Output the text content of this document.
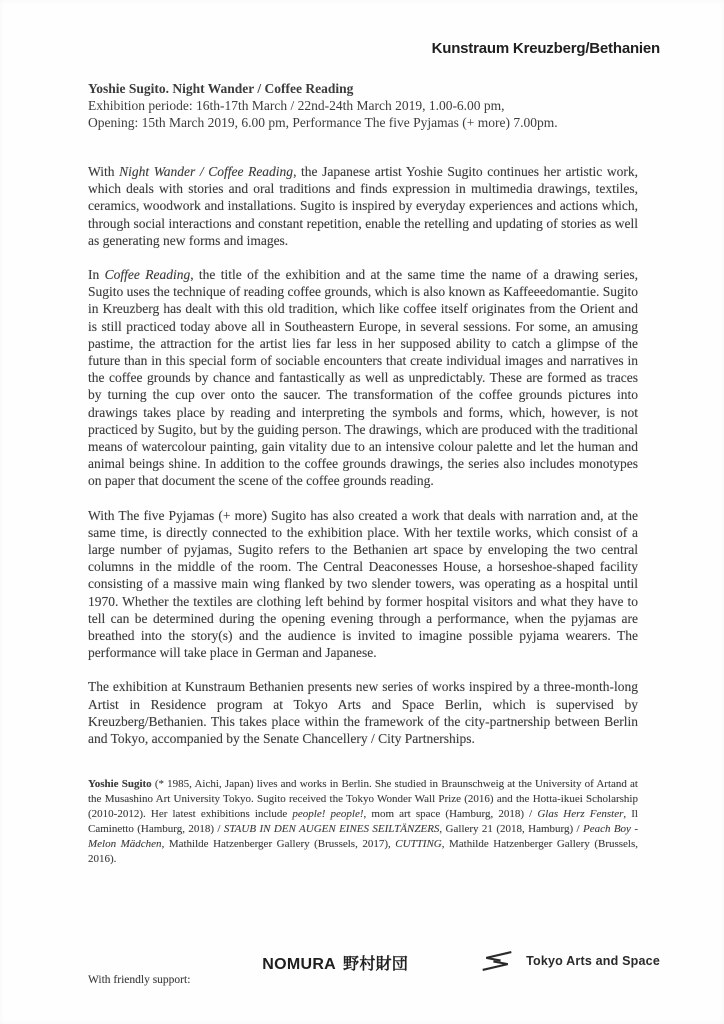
Kunstraum Kreuzberg/Bethanien
Yoshie Sugito. Night Wander / Coffee Reading
Exhibition periode: 16th-17th March / 22nd-24th March 2019, 1.00-6.00 pm,
Opening: 15th March 2019, 6.00 pm, Performance The five Pyjamas (+ more) 7.00pm.

With Night Wander / Coffee Reading, the Japanese artist Yoshie Sugito continues her artistic work, which deals with stories and oral traditions and finds expression in multimedia drawings, textiles, ceramics, woodwork and installations. Sugito is inspired by everyday experiences and actions which, through social interactions and constant repetition, enable the retelling and updating of stories as well as generating new forms and images.

In Coffee Reading, the title of the exhibition and at the same time the name of a drawing series, Sugito uses the technique of reading coffee grounds, which is also known as Kaffeeedomantie. Sugito in Kreuzberg has dealt with this old tradition, which like coffee itself originates from the Orient and is still practiced today above all in Southeastern Europe, in several sessions. For some, an amusing pastime, the attraction for the artist lies far less in her supposed ability to catch a glimpse of the future than in this special form of sociable encounters that create individual images and narratives in the coffee grounds by chance and fantastically as well as unpredictably. These are formed as traces by turning the cup over onto the saucer. The transformation of the coffee grounds pictures into drawings takes place by reading and interpreting the symbols and forms, which, however, is not practiced by Sugito, but by the guiding person. The drawings, which are produced with the traditional means of watercolour painting, gain vitality due to an intensive colour palette and let the human and animal beings shine. In addition to the coffee grounds drawings, the series also includes monotypes on paper that document the scene of the coffee grounds reading.

With The five Pyjamas (+ more) Sugito has also created a work that deals with narration and, at the same time, is directly connected to the exhibition place. With her textile works, which consist of a large number of pyjamas, Sugito refers to the Bethanien art space by enveloping the two central columns in the middle of the room. The Central Deaconesses House, a horseshoe-shaped facility consisting of a massive main wing flanked by two slender towers, was operating as a hospital until 1970. Whether the textiles are clothing left behind by former hospital visitors and what they have to tell can be determined during the opening evening through a performance, when the pyjamas are breathed into the story(s) and the audience is invited to imagine possible pyjama wearers. The performance will take place in German and Japanese.

The exhibition at Kunstraum Bethanien presents new series of works inspired by a three-month-long Artist in Residence program at Tokyo Arts and Space Berlin, which is supervised by Kreuzberg/Bethanien. This takes place within the framework of the city-partnership between Berlin and Tokyo, accompanied by the Senate Chancellery / City Partnerships.

Yoshie Sugito (* 1985, Aichi, Japan) lives and works in Berlin. She studied in Braunschweig at the University of Artand at the Musashino Art University Tokyo. Sugito received the Tokyo Wonder Wall Prize (2016) and the Hotta-ikuei Scholarship (2010-2012). Her latest exhibitions include people! people!, mom art space (Hamburg, 2018) / Glas Herz Fenster, Il Caminetto (Hamburg, 2018) / STAUB IN DEN AUGEN EINES SEILTÄNZERS, Gallery 21 (2018, Hamburg) / Peach Boy - Melon Mädchen, Mathilde Hatzenberger Gallery (Brussels, 2017), CUTTING, Mathilde Hatzenberger Gallery (Brussels, 2016).

With friendly support:
NOMURA 野村財団	Tokyo Arts and Space
